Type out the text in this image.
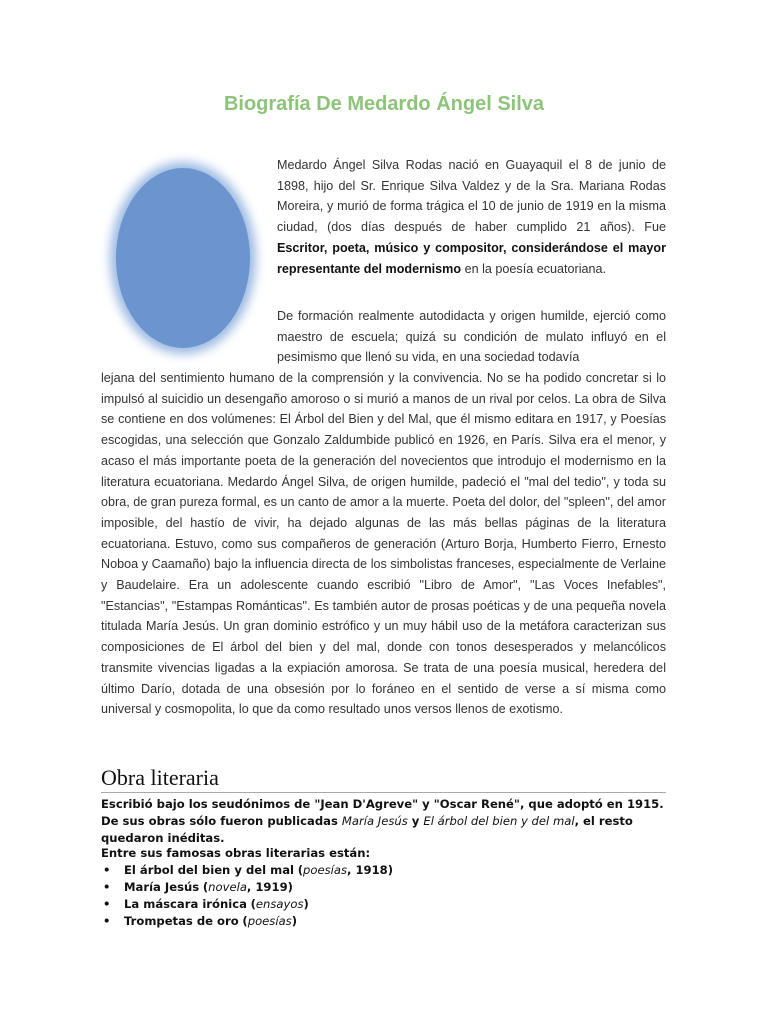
Biografía De Medardo Ángel Silva

Medardo Ángel Silva Rodas nació en Guayaquil el 8 de junio de 1898, hijo del Sr. Enrique Silva Valdez y de la Sra. Mariana Rodas Moreira, y murió de forma trágica el 10 de junio de 1919 en la misma ciudad, (dos días después de haber cumplido 21 años). Fue Escritor, poeta, músico y compositor, considerándose el mayor representante del modernismo en la poesía ecuatoriana.

De formación realmente autodidacta y origen humilde, ejerció como maestro de escuela; quizá su condición de mulato influyó en el pesimismo que llenó su vida, en una sociedad todavía

lejana del sentimiento humano de la comprensión y la convivencia. No se ha podido concretar si lo impulsó al suicidio un desengaño amoroso o si murió a manos de un rival por celos. La obra de Silva se contiene en dos volúmenes: El Árbol del Bien y del Mal, que él mismo editara en 1917, y Poesías escogidas, una selección que Gonzalo Zaldumbide publicó en 1926, en París. Silva era el menor, y acaso el más importante poeta de la generación del novecientos que introdujo el modernismo en la literatura ecuatoriana. Medardo Ángel Silva, de origen humilde, padeció el "mal del tedio", y toda su obra, de gran pureza formal, es un canto de amor a la muerte. Poeta del dolor, del "spleen", del amor imposible, del hastío de vivir, ha dejado algunas de las más bellas páginas de la literatura ecuatoriana. Estuvo, como sus compañeros de generación (Arturo Borja, Humberto Fierro, Ernesto Noboa y Caamaño) bajo la influencia directa de los simbolistas franceses, especialmente de Verlaine y Baudelaire. Era un adolescente cuando escribió "Libro de Amor", "Las Voces Inefables", "Estancias", "Estampas Románticas". Es también autor de prosas poéticas y de una pequeña novela titulada María Jesús. Un gran dominio estrófico y un muy hábil uso de la metáfora caracterizan sus composiciones de El árbol del bien y del mal, donde con tonos desesperados y melancólicos transmite vivencias ligadas a la expiación amorosa. Se trata de una poesía musical, heredera del último Darío, dotada de una obsesión por lo foráneo en el sentido de verse a sí misma como universal y cosmopolita, lo que da como resultado unos versos llenos de exotismo.

Obra literaria
Escribió bajo los seudónimos de "Jean D'Agreve" y "Oscar René", que adoptó en 1915. De sus obras sólo fueron publicadas María Jesús y El árbol del bien y del mal, el resto quedaron inéditas.
Entre sus famosas obras literarias están:
• El árbol del bien y del mal (poesías, 1918)
• María Jesús (novela, 1919)
• La máscara irónica (ensayos)
• Trompetas de oro (poesías)
